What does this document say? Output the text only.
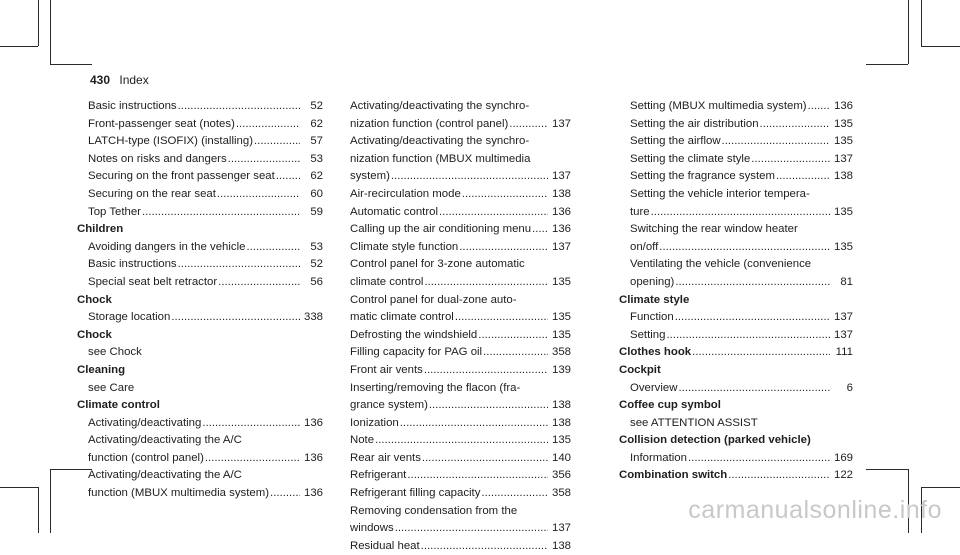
430 Index
Basic instructions .....	52
Front-passenger seat (notes) .....	62
LATCH-type (ISOFIX) (installing) .....	57
Notes on risks and dangers .....	53
Securing on the front passenger seat .....	62
Securing on the rear seat .....	60
Top Tether .....	59
Children
Avoiding dangers in the vehicle .....	53
Basic instructions .....	52
Special seat belt retractor .....	56
Chock
Storage location .....	338
Chock
see Chock
Cleaning
see Care
Climate control
Activating/deactivating .....	136
Activating/deactivating the A/C
function (control panel) .....	136
Activating/deactivating the A/C
function (MBUX multimedia system) .....	136
Activating/deactivating the synchro-
nization function (control panel) .....	137
Activating/deactivating the synchro-
nization function (MBUX multimedia
system) .....	137
Air-recirculation mode .....	138
Automatic control .....	136
Calling up the air conditioning menu ..... 136
Climate style function .....	137
Control panel for 3-zone automatic
climate control .....	135
Control panel for dual-zone auto-
matic climate control .....	135
Defrosting the windshield .....	135
Filling capacity for PAG oil .....	358
Front air vents .....	139
Inserting/removing the flacon (fra-
grance system) .....	138
Ionization .....	138
Note .....	135
Rear air vents .....	140
Refrigerant .....	356
Refrigerant filling capacity .....	358
Removing condensation from the
windows .....	137
Residual heat .....	138
Setting (MBUX multimedia system) ..... 136
Setting the air distribution .....	135
Setting the airflow .....	135
Setting the climate style .....	137
Setting the fragrance system .....	138
Setting the vehicle interior tempera-
ture .....	135
Switching the rear window heater
on/off .....	135
Ventilating the vehicle (convenience
opening) .....	81
Climate style
Function .....	137
Setting .....	137
Clothes hook .....	111
Cockpit
Overview .....	6
Coffee cup symbol
see ATTENTION ASSIST
Collision detection (parked vehicle)
Information .....	169
Combination switch .....	122
carmanualsonline.info
